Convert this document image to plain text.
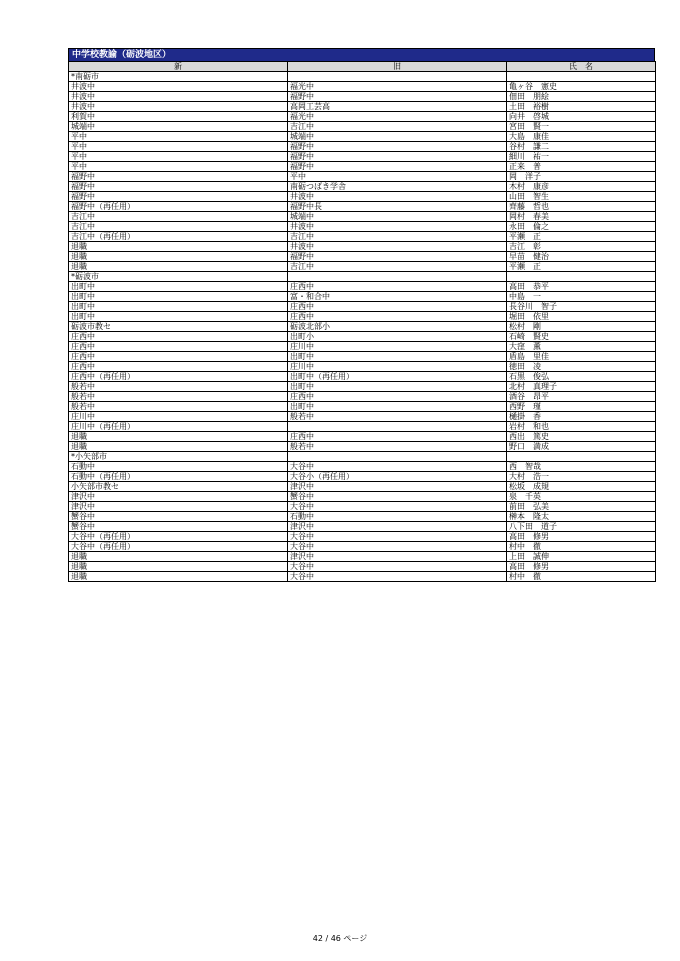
中学校教諭（砺波地区）
新	旧	氏　名
*南砺市		
井波中	福光中	亀ヶ谷　憲史
井波中	福野中	佃田　朋絵
井波中	高岡工芸高	土田　裕樹
利賀中	福光中	向井　啓城
城端中	吉江中	宮田　賢一
平中	城端中	大島　康佳
平中	福野中	谷村　謙二
平中	福野中	細川　祐一
平中	福野中	正来　普
福野中	平中	岡　洋子
福野中	南砺つばき学舎	木村　康彦
福野中	井波中	山田　智生
福野中（再任用）	福野中長	齊藤　哲也
吉江中	城端中	岡村　春美
吉江中	井波中	永田　倫之
吉江中（再任用）	吉江中	平瀬　正
退職	井波中	吉江　彰
退職	福野中	早苗　健治
退職	吉江中	平瀬　正
*砺波市		
出町中	庄西中	高田　恭平
出町中	富・和合中	中島　一
出町中	庄西中	長谷川　智子
出町中	庄西中	堀田　依里
砺波市教セ	砺波北部小	松村　剛
庄西中	出町小	石崎　賢史
庄西中	庄川中	大窪　薫
庄西中	出町中	盾島　里佳
庄西中	庄川中	徳田　凌
庄西中（再任用）	出町中（再任用）	石黒　俊弘
般若中	出町中	北村　真理子
般若中	庄西中	酒谷　昂平
般若中	出町中	西野　瑾
庄川中	般若中	樋掛　香
庄川中（再任用）		岩村　和也
退職	庄西中	西出　篤史
退職	般若中	野口　満成
*小矢部市		
石動中	大谷中	西　智哉
石動中（再任用）	大谷小（再任用）	大村　浩一
小矢部市教セ	津沢中	松坂　成規
津沢中	蟹谷中	泉　千英
津沢中	大谷中	前田　弘美
蟹谷中	石動中	榊本　隆太
蟹谷中	津沢中	八下田　道子
大谷中（再任用）	大谷中	高田　修男
大谷中（再任用）	大谷中	村中　徹
退職	津沢中	上田　誠伸
退職	大谷中	高田　修男
退職	大谷中	村中　徹
42 / 46 ページ
